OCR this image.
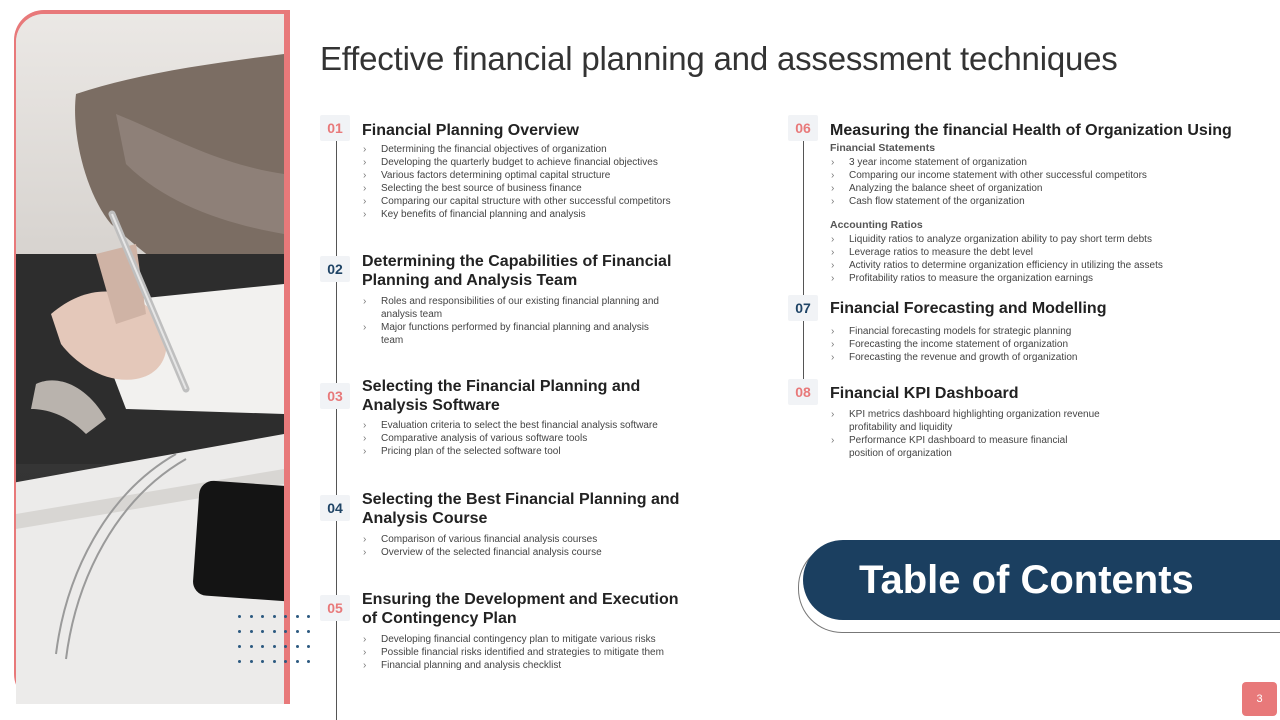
Effective financial planning and assessment techniques
01	Financial Planning Overview
› Determining the financial objectives of organization
› Developing the quarterly budget to achieve financial objectives
› Various factors determining optimal capital structure
› Selecting the best source of business finance
› Comparing our capital structure with other successful competitors
› Key benefits of financial planning and analysis
02	Determining the Capabilities of Financial Planning and Analysis Team
› Roles and responsibilities of our existing financial planning and analysis team
› Major functions performed by financial planning and analysis team
03
Selecting the Financial Planning and Analysis Software
› Evaluation criteria to select the best financial analysis software
› Comparative analysis of various software tools
› Pricing plan of the selected software tool
04	Selecting the Best Financial Planning and Analysis Course
› Comparison of various financial analysis courses
› Overview of the selected financial analysis course
05	Ensuring the Development and Execution of Contingency Plan
› Developing financial contingency plan to mitigate various risks
› Possible financial risks identified and strategies to mitigate them
› Financial planning and analysis checklist
06	Measuring the financial Health of Organization Using
Financial Statements
› 3 year income statement of organization
› Comparing our income statement with other successful competitors
› Analyzing the balance sheet of organization
› Cash flow statement of the organization
Accounting Ratios
› Liquidity ratios to analyze organization ability to pay short term debts
› Leverage ratios to measure the debt level
› Activity ratios to determine organization efficiency in utilizing the assets
› Profitability ratios to measure the organization earnings
07	Financial Forecasting and Modelling
› Financial forecasting models for strategic planning
› Forecasting the income statement of organization
› Forecasting the revenue and growth of organization
08	Financial KPI Dashboard
› KPI metrics dashboard highlighting organization revenue profitability and liquidity
› Performance KPI dashboard to measure financial position of organization
Table of Contents
3
